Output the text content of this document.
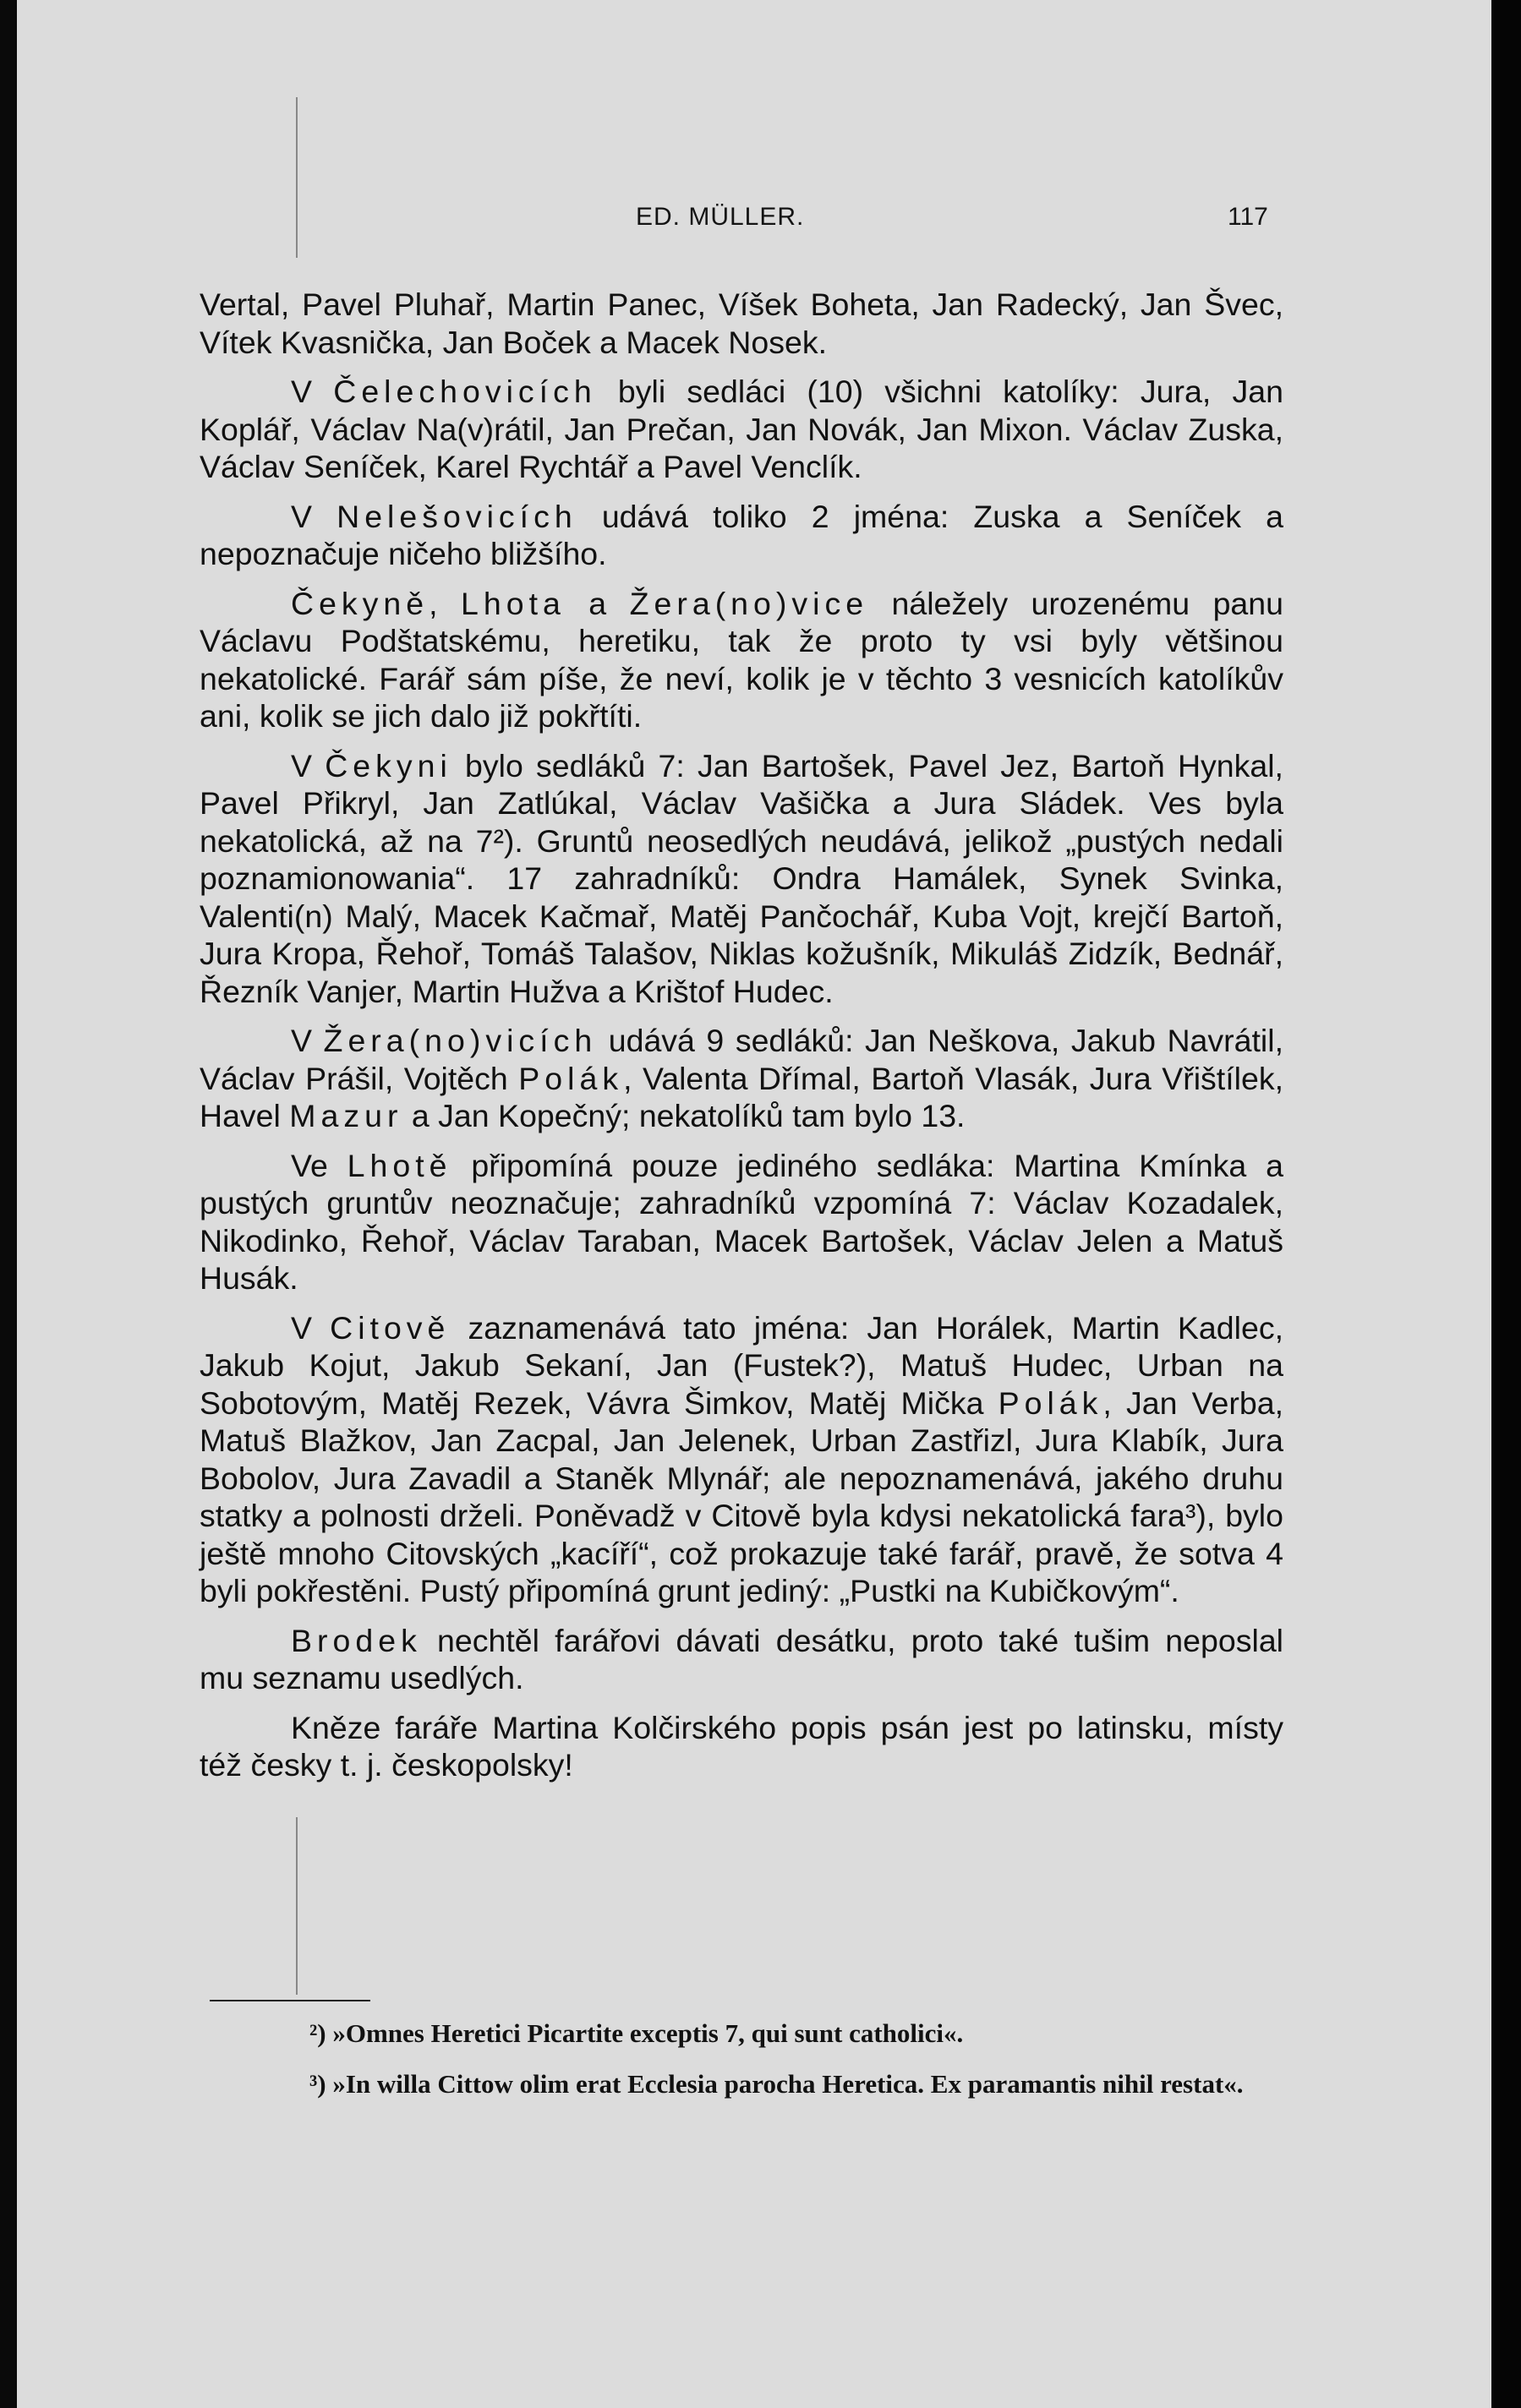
ED. MÜLLER.	117

Vertal, Pavel Pluhař, Martin Panec, Víšek Boheta, Jan Radecký, Jan Švec, Vítek Kvasnička, Jan Boček a Macek Nosek.

V Čelechovicích byli sedláci (10) všichni katolíky: Jura, Jan Koplář, Václav Na(v)rátil, Jan Prečan, Jan Novák, Jan Mixon. Václav Zuska, Václav Seníček, Karel Rychtář a Pavel Venclík.

V Nelešovicích udává toliko 2 jména: Zuska a Seníček a nepoznačuje ničeho bližšího.

Čekyně, Lhota a Žera(no)vice náležely urozenému panu Václavu Podštatskému, heretiku, tak že proto ty vsi byly většinou nekatolické. Farář sám píše, že neví, kolik je v těchto 3 vesnicích katolíkův ani, kolik se jich dalo již pokřtíti.

V Čekyni bylo sedláků 7: Jan Bartošek, Pavel Jez, Bartoň Hynkal, Pavel Přikryl, Jan Zatlúkal, Václav Vašička a Jura Sládek. Ves byla nekatolická, až na 7²). Gruntů neosedlých neudává, jelikož „pustých nedali poznamionowania“. 17 zahradníků: Ondra Hamálek, Synek Svinka, Valenti(n) Malý, Macek Kačmař, Matěj Pančochář, Kuba Vojt, krejčí Bartoň, Jura Kropa, Řehoř, Tomáš Talašov, Niklas kožušník, Mikuláš Zidzík, Bednář, Řezník Vanjer, Martin Hužva a Krištof Hudec.

V Žera(no)vicích udává 9 sedláků: Jan Neškova, Jakub Navrátil, Václav Prášil, Vojtěch Polák, Valenta Dřímal, Bartoň Vlasák, Jura Vřištílek, Havel Mazur a Jan Kopečný; nekatolíků tam bylo 13.

Ve Lhotě připomíná pouze jediného sedláka: Martina Kmínka a pustých gruntův neoznačuje; zahradníků vzpomíná 7: Václav Kozadalek, Nikodinko, Řehoř, Václav Taraban, Macek Bartošek, Václav Jelen a Matuš Husák.

V Citově zaznamenává tato jména: Jan Horálek, Martin Kadlec, Jakub Kojut, Jakub Sekaní, Jan (Fustek?), Matuš Hudec, Urban na Sobotovým, Matěj Rezek, Vávra Šimkov, Matěj Mička Polák, Jan Verba, Matuš Blažkov, Jan Zacpal, Jan Jelenek, Urban Zastřizl, Jura Klabík, Jura Bobolov, Jura Zavadil a Staněk Mlynář; ale nepoznamenává, jakého druhu statky a polnosti drželi. Poněvadž v Citově byla kdysi nekatolická fara³), bylo ještě mnoho Citovských „kacíří“, což prokazuje také farář, pravě, že sotva 4 byli pokřestěni. Pustý připomíná grunt jediný: „Pustki na Kubičkovým“.

Brodek nechtěl farářovi dávati desátku, proto také tušim neposlal mu seznamu usedlých.

Kněze faráře Martina Kolčirského popis psán jest po latinsku, místy též česky t. j. českopolsky!

²) »Omnes Heretici Picartite exceptis 7, qui sunt catholici«.

³) »In willa Cittow olim erat Ecclesia parocha Heretica. Ex paramantis nihil restat«.
